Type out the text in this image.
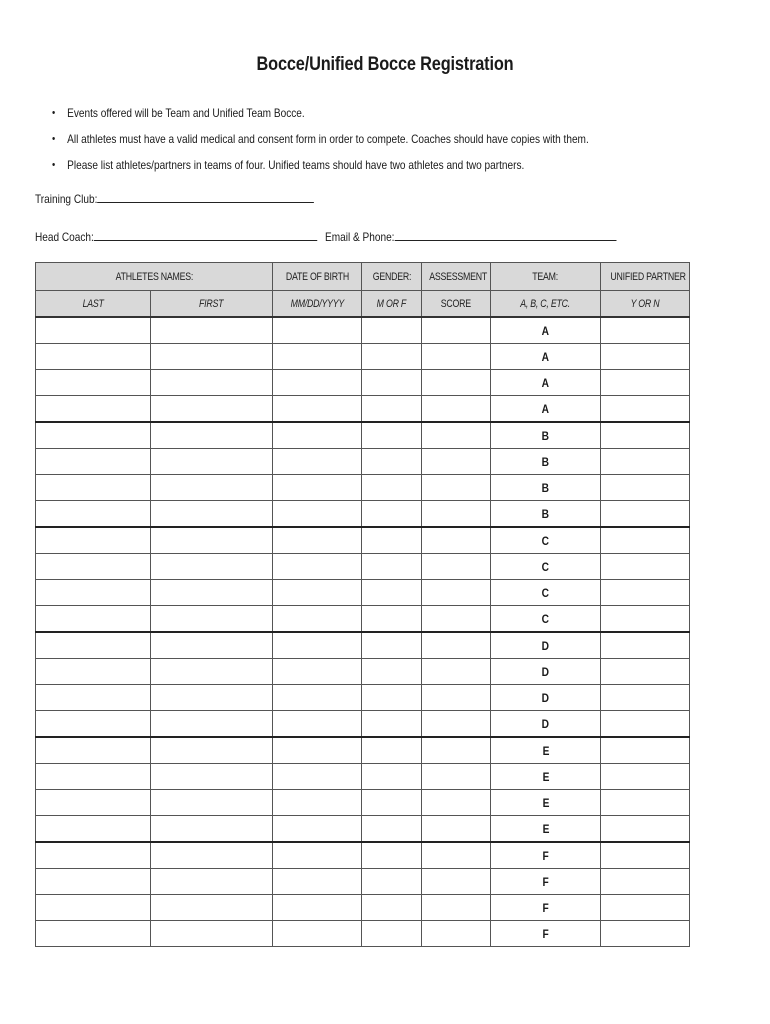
Bocce/Unified Bocce Registration
• Events offered will be Team and Unified Team Bocce.
• All athletes must have a valid medical and consent form in order to compete. Coaches should have copies with them.
• Please list athletes/partners in teams of four. Unified teams should have two athletes and two partners.
Training Club:
Head Coach:	Email & Phone:
ATHLETES NAMES:		DATE OF BIRTH	GENDER:	ASSESSMENT	TEAM:	UNIFIED PARTNER
LAST	FIRST	MM/DD/YYYY	M OR F	SCORE	A, B, C, ETC.	Y OR N
					A	
					A	
					A	
					A	
					B	
					B	
					B	
					B	
					C	
					C	
					C	
					C	
					D	
					D	
					D	
					D	
					E	
					E	
					E	
					E	
					F	
					F	
					F	
					F	
